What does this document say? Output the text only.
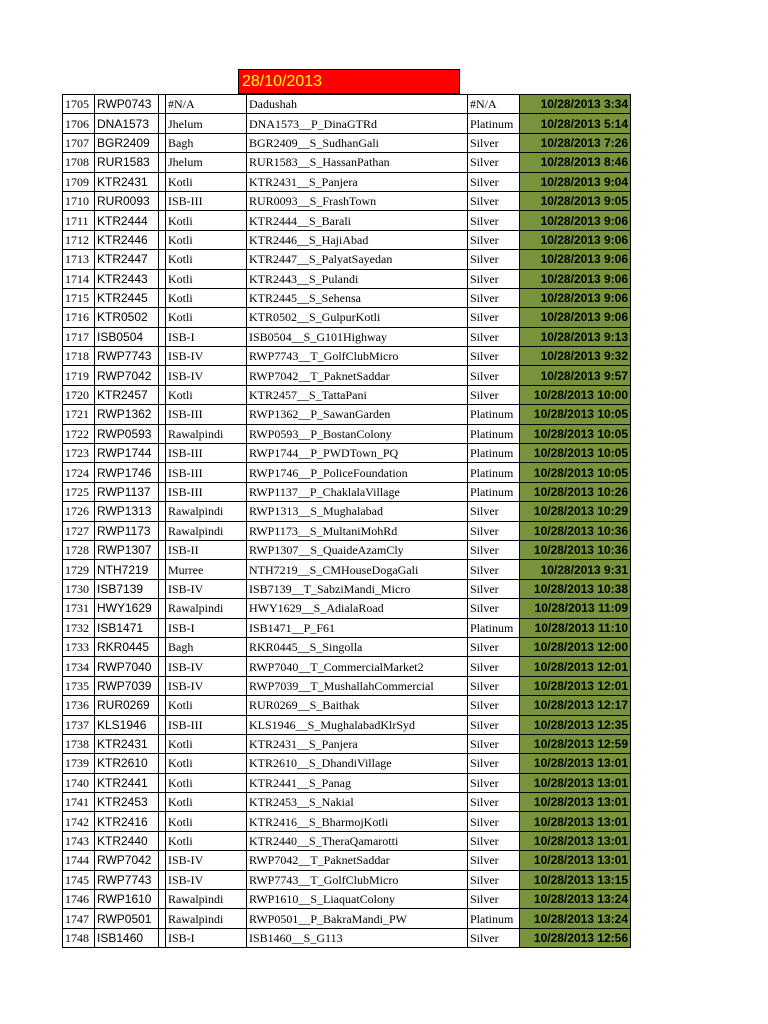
28/10/2013
1705	RWP0743		#N/A	Dadushah	#N/A	10/28/2013 3:34
1706	DNA1573		Jhelum	DNA1573__P_DinaGTRd	Platinum	10/28/2013 5:14
1707	BGR2409		Bagh	BGR2409__S_SudhanGali	Silver	10/28/2013 7:26
1708	RUR1583		Jhelum	RUR1583__S_HassanPathan	Silver	10/28/2013 8:46
1709	KTR2431		Kotli	KTR2431__S_Panjera	Silver	10/28/2013 9:04
1710	RUR0093		ISB-III	RUR0093__S_FrashTown	Silver	10/28/2013 9:05
1711	KTR2444		Kotli	KTR2444__S_Barali	Silver	10/28/2013 9:06
1712	KTR2446		Kotli	KTR2446__S_HajiAbad	Silver	10/28/2013 9:06
1713	KTR2447		Kotli	KTR2447__S_PalyatSayedan	Silver	10/28/2013 9:06
1714	KTR2443		Kotli	KTR2443__S_Pulandi	Silver	10/28/2013 9:06
1715	KTR2445		Kotli	KTR2445__S_Sehensa	Silver	10/28/2013 9:06
1716	KTR0502		Kotli	KTR0502__S_GulpurKotli	Silver	10/28/2013 9:06
1717	ISB0504		ISB-I	ISB0504__S_G101Highway	Silver	10/28/2013 9:13
1718	RWP7743		ISB-IV	RWP7743__T_GolfClubMicro	Silver	10/28/2013 9:32
1719	RWP7042		ISB-IV	RWP7042__T_PaknetSaddar	Silver	10/28/2013 9:57
1720	KTR2457		Kotli	KTR2457__S_TattaPani	Silver	10/28/2013 10:00
1721	RWP1362		ISB-III	RWP1362__P_SawanGarden	Platinum	10/28/2013 10:05
1722	RWP0593		Rawalpindi	RWP0593__P_BostanColony	Platinum	10/28/2013 10:05
1723	RWP1744		ISB-III	RWP1744__P_PWDTown_PQ	Platinum	10/28/2013 10:05
1724	RWP1746		ISB-III	RWP1746__P_PoliceFoundation	Platinum	10/28/2013 10:05
1725	RWP1137		ISB-III	RWP1137__P_ChaklalaVillage	Platinum	10/28/2013 10:26
1726	RWP1313		Rawalpindi	RWP1313__S_Mughalabad	Silver	10/28/2013 10:29
1727	RWP1173		Rawalpindi	RWP1173__S_MultaniMohRd	Silver	10/28/2013 10:36
1728	RWP1307		ISB-II	RWP1307__S_QuaideAzamCly	Silver	10/28/2013 10:36
1729	NTH7219		Murree	NTH7219__S_CMHouseDogaGali	Silver	10/28/2013 9:31
1730	ISB7139		ISB-IV	ISB7139__T_SabziMandi_Micro	Silver	10/28/2013 10:38
1731	HWY1629		Rawalpindi	HWY1629__S_AdialaRoad	Silver	10/28/2013 11:09
1732	ISB1471		ISB-I	ISB1471__P_F61	Platinum	10/28/2013 11:10
1733	RKR0445		Bagh	RKR0445__S_Singolla	Silver	10/28/2013 12:00
1734	RWP7040		ISB-IV	RWP7040__T_CommercialMarket2	Silver	10/28/2013 12:01
1735	RWP7039		ISB-IV	RWP7039__T_MushallahCommercial	Silver	10/28/2013 12:01
1736	RUR0269		Kotli	RUR0269__S_Baithak	Silver	10/28/2013 12:17
1737	KLS1946		ISB-III	KLS1946__S_MughalabadKlrSyd	Silver	10/28/2013 12:35
1738	KTR2431		Kotli	KTR2431__S_Panjera	Silver	10/28/2013 12:59
1739	KTR2610		Kotli	KTR2610__S_DhandiVillage	Silver	10/28/2013 13:01
1740	KTR2441		Kotli	KTR2441__S_Panag	Silver	10/28/2013 13:01
1741	KTR2453		Kotli	KTR2453__S_Nakial	Silver	10/28/2013 13:01
1742	KTR2416		Kotli	KTR2416__S_BharmojKotli	Silver	10/28/2013 13:01
1743	KTR2440		Kotli	KTR2440__S_TheraQamarotti	Silver	10/28/2013 13:01
1744	RWP7042		ISB-IV	RWP7042__T_PaknetSaddar	Silver	10/28/2013 13:01
1745	RWP7743		ISB-IV	RWP7743__T_GolfClubMicro	Silver	10/28/2013 13:15
1746	RWP1610		Rawalpindi	RWP1610__S_LiaquatColony	Silver	10/28/2013 13:24
1747	RWP0501		Rawalpindi	RWP0501__P_BakraMandi_PW	Platinum	10/28/2013 13:24
1748	ISB1460		ISB-I	ISB1460__S_G113	Silver	10/28/2013 12:56
